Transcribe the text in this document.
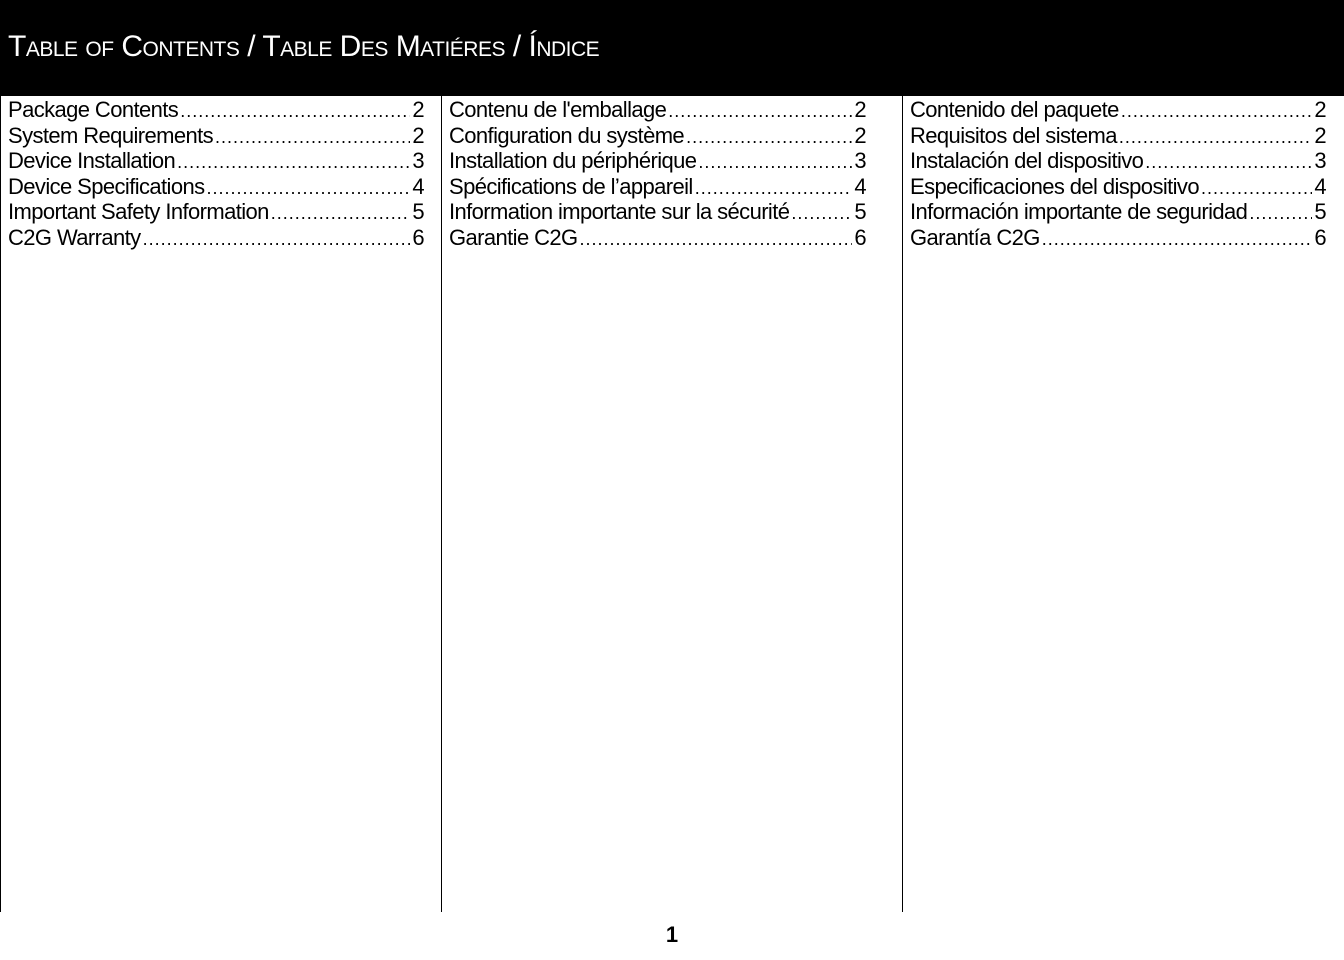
Table of Contents / Table Des Matiéres / Índice
Package Contents .....	2
System Requirements .....	2
Device Installation .....	3
Device Specifications .....	4
Important Safety Information .....	5
C2G Warranty .....	6
Contenu de l'emballage .....	2
Configuration du système .....	2
Installation du périphérique .....	3
Spécifications de l’appareil .....	4
Information importante sur la sécurité .....	5
Garantie C2G .....	6
Contenido del paquete .....	2
Requisitos del sistema .....	2
Instalación del dispositivo .....	3
Especificaciones del dispositivo .....	4
Información importante de seguridad .....	5
Garantía C2G .....	6
1
